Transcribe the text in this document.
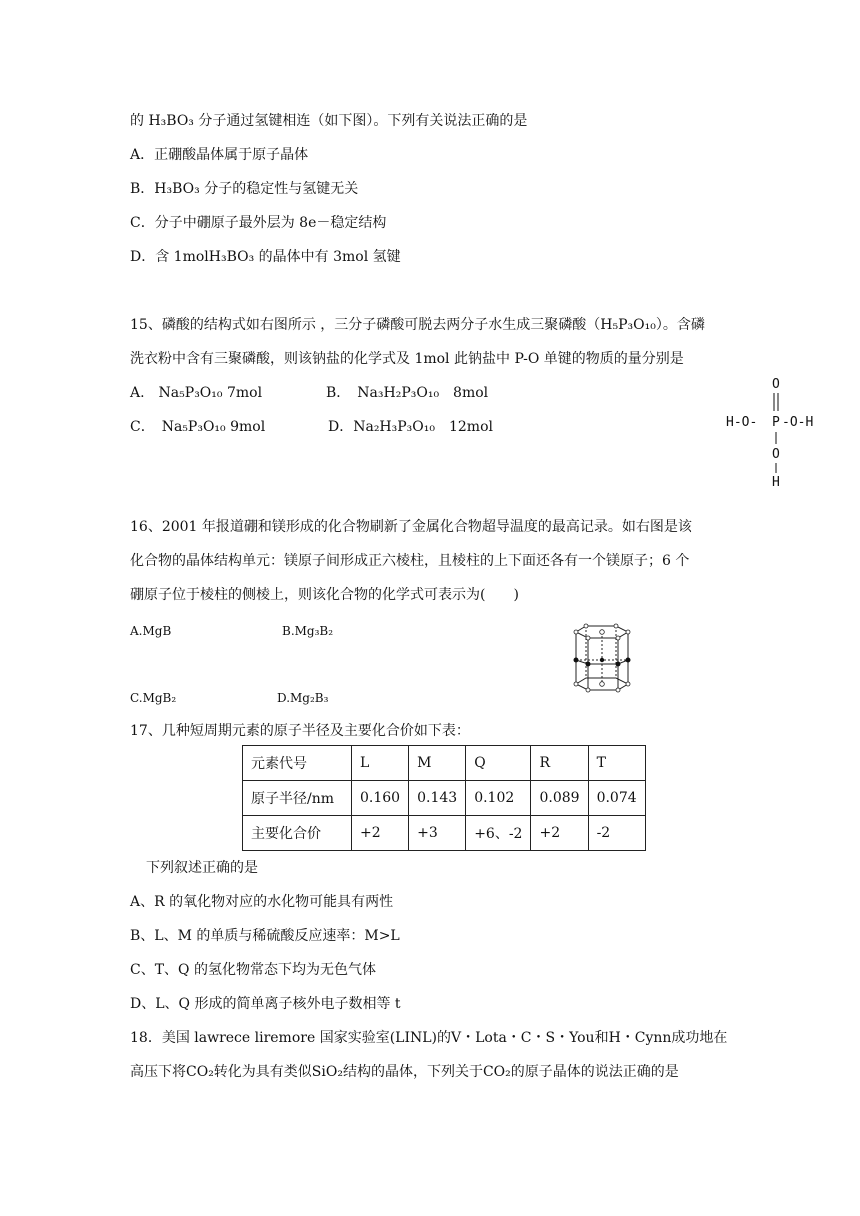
的 H₃BO₃ 分子通过氢键相连（如下图）。下列有关说法正确的是
A．正硼酸晶体属于原子晶体
B．H₃BO₃ 分子的稳定性与氢键无关
C．分子中硼原子最外层为 8e－稳定结构
D．含 1molH₃BO₃ 的晶体中有 3mol 氢键
15、磷酸的结构式如右图所示 ，三分子磷酸可脱去两分子水生成三聚磷酸（H₅P₃O₁₀）。含磷
洗衣粉中含有三聚磷酸，则该钠盐的化学式及 1mol 此钠盐中 P-O 单键的物质的量分别是
A.　Na₅P₃O₁₀ 7mol	B．　Na₃H₂P₃O₁₀　8mol
C．　Na₅P₃O₁₀ 9mol	D．Na₂H₃P₃O₁₀　12mol
O
H-O- P -O-H
O
H
16、2001 年报道硼和镁形成的化合物刷新了金属化合物超导温度的最高记录。如右图是该
化合物的晶体结构单元：镁原子间形成正六棱柱，且棱柱的上下面还各有一个镁原子；6 个
硼原子位于棱柱的侧棱上，则该化合物的化学式可表示为(　　)
A.MgB	B.Mg₃B₂
C.MgB₂	D.Mg₂B₃
17、几种短周期元素的原子半径及主要化合价如下表：
元素代号	L	M	Q	R	T
原子半径/nm	0.160	0.143	0.102	0.089	0.074
主要化合价	+2	+3	+6、-2	+2	-2
下列叙述正确的是
A、R 的氧化物对应的水化物可能具有两性
B、L、M 的单质与稀硫酸反应速率：M>L
C、T、Q 的氢化物常态下均为无色气体
D、L、Q 形成的简单离子核外电子数相等 t
18．美国 lawrece liremore 国家实验室(LINL)的V・Lota・C・S・You和H・Cynn成功地在
高压下将CO₂转化为具有类似SiO₂结构的晶体，下列关于CO₂的原子晶体的说法正确的是
